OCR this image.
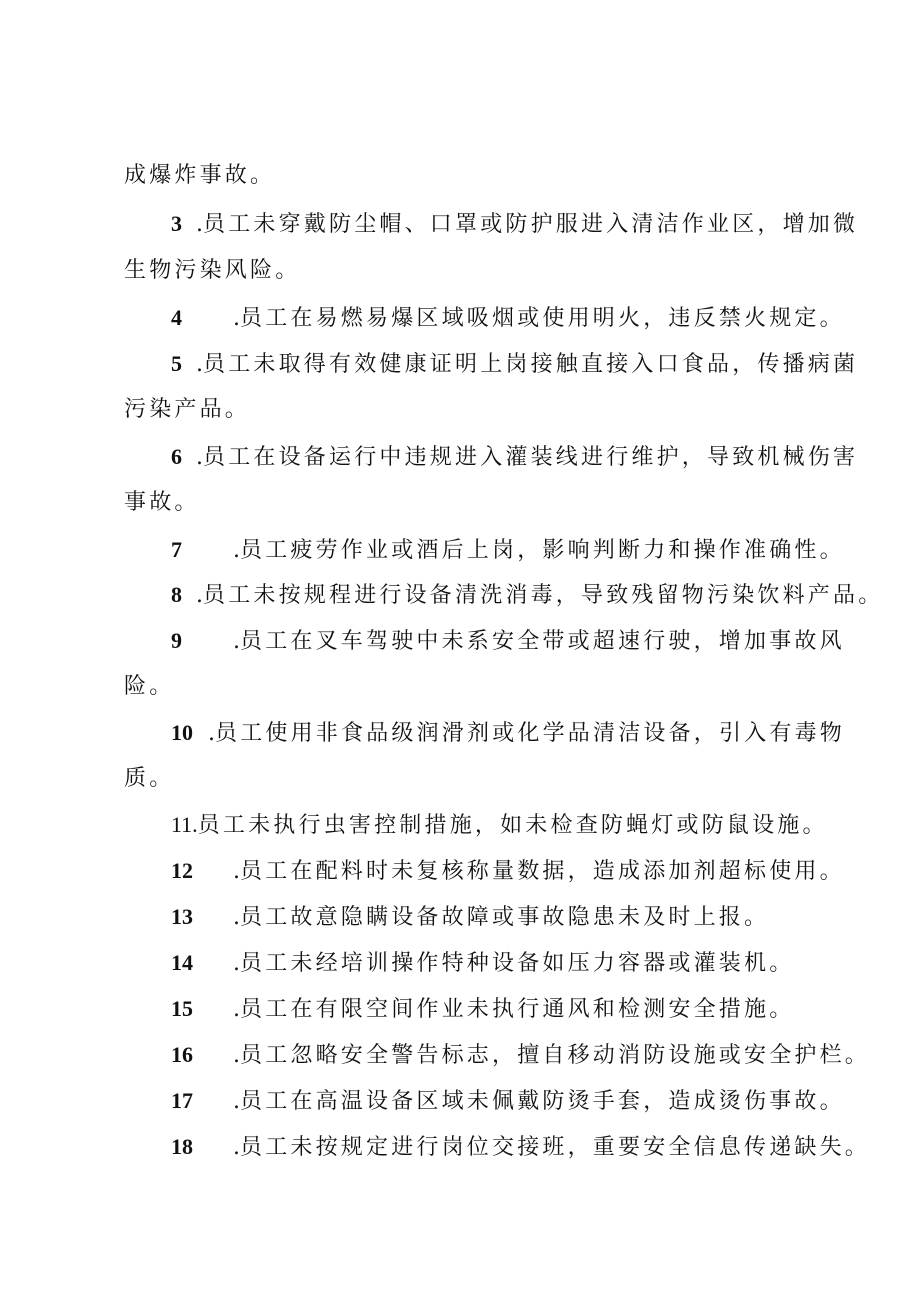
成爆炸事故。
3 .员工未穿戴防尘帽、口罩或防护服进入清洁作业区，增加微
生物污染风险。
4 .员工在易燃易爆区域吸烟或使用明火，违反禁火规定。
5 .员工未取得有效健康证明上岗接触直接入口食品，传播病菌
污染产品。
6 .员工在设备运行中违规进入灌装线进行维护，导致机械伤害
事故。
7 .员工疲劳作业或酒后上岗，影响判断力和操作准确性。
8 .员工未按规程进行设备清洗消毒，导致残留物污染饮料产品。
9 .员工在叉车驾驶中未系安全带或超速行驶，增加事故风
险。
10 .员工使用非食品级润滑剂或化学品清洁设备，引入有毒物
质。
11.员工未执行虫害控制措施，如未检查防蝇灯或防鼠设施。
12 .员工在配料时未复核称量数据，造成添加剂超标使用。
13 .员工故意隐瞒设备故障或事故隐患未及时上报。
14 .员工未经培训操作特种设备如压力容器或灌装机。
15 .员工在有限空间作业未执行通风和检测安全措施。
16 .员工忽略安全警告标志，擅自移动消防设施或安全护栏。
17 .员工在高温设备区域未佩戴防烫手套，造成烫伤事故。
18 .员工未按规定进行岗位交接班，重要安全信息传递缺失。
